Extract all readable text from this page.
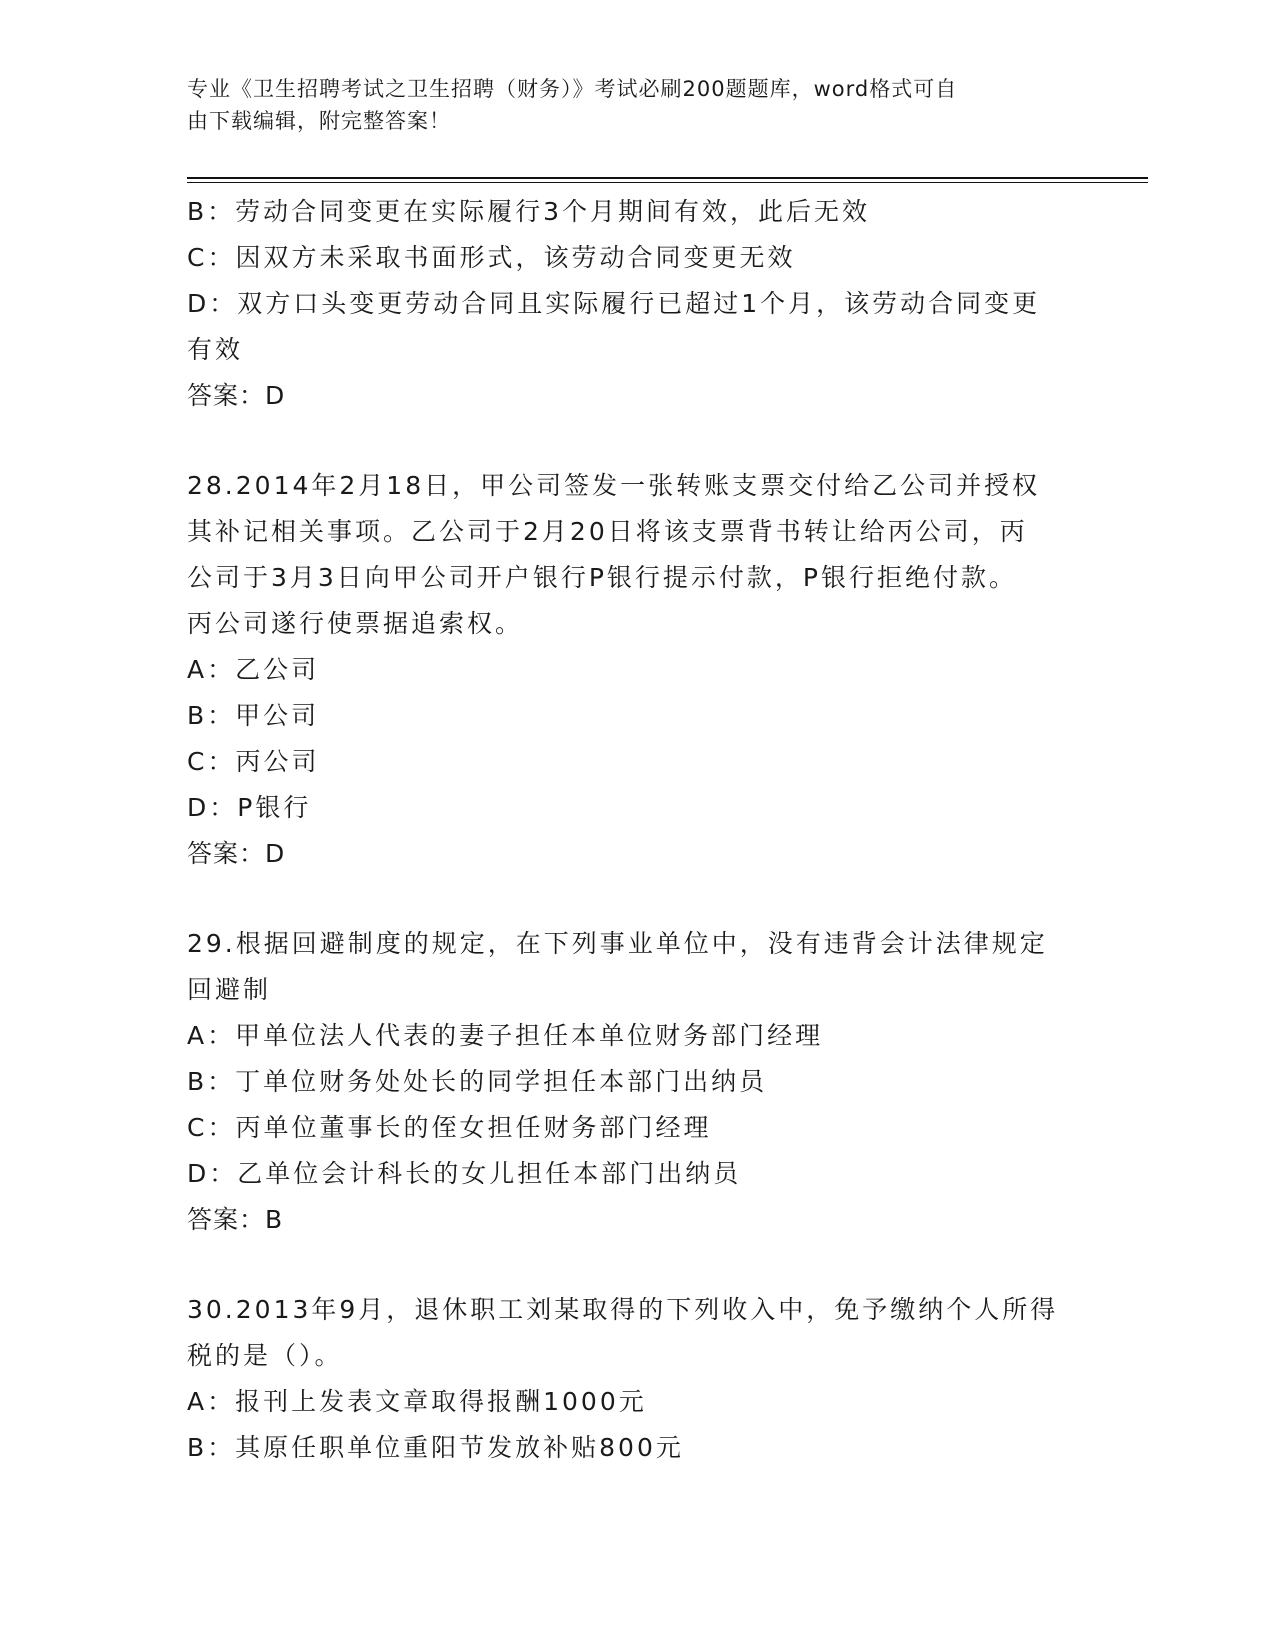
专业《卫生招聘考试之卫生招聘（财务）》考试必刷200题题库，word格式可自
由下载编辑，附完整答案！
B：劳动合同变更在实际履行3个月期间有效，此后无效
C：因双方未采取书面形式，该劳动合同变更无效
D：双方口头变更劳动合同且实际履行已超过1个月，该劳动合同变更
有效
答案：D
28.2014年2月18日，甲公司签发一张转账支票交付给乙公司并授权
其补记相关事项。乙公司于2月20日将该支票背书转让给丙公司，丙
公司于3月3日向甲公司开户银行P银行提示付款，P银行拒绝付款。
丙公司遂行使票据追索权。
A：乙公司
B：甲公司
C：丙公司
D：P银行
答案：D
29.根据回避制度的规定，在下列事业单位中，没有违背会计法律规定
回避制
A：甲单位法人代表的妻子担任本单位财务部门经理
B：丁单位财务处处长的同学担任本部门出纳员
C：丙单位董事长的侄女担任财务部门经理
D：乙单位会计科长的女儿担任本部门出纳员
答案：B
30.2013年9月，退休职工刘某取得的下列收入中，免予缴纳个人所得
税的是（）。
A：报刊上发表文章取得报酬1000元
B：其原任职单位重阳节发放补贴800元
